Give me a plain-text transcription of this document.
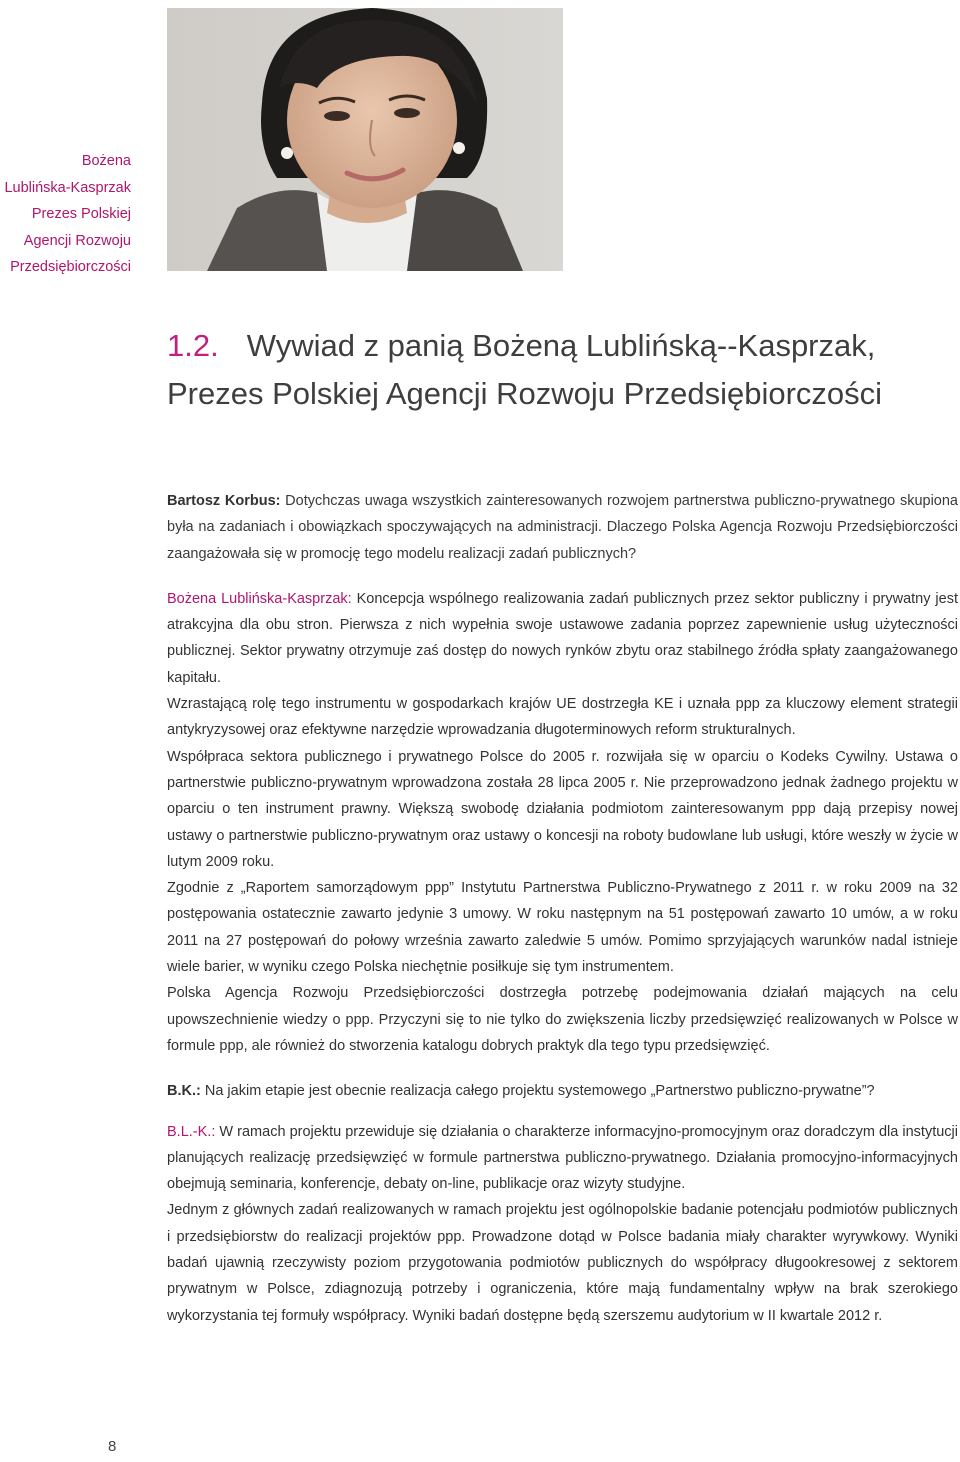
Bożena
Lublińska-Kasprzak
Prezes Polskiej
Agencji Rozwoju
Przedsiębiorczości
1.2. Wywiad z panią Bożeną Lublińską--Kasprzak, Prezes Polskiej Agencji Rozwoju Przedsiębiorczości

Bartosz Korbus: Dotychczas uwaga wszystkich zainteresowanych rozwojem partnerstwa publiczno-prywatnego skupiona była na zadaniach i obowiązkach spoczywających na administracji. Dlaczego Polska Agencja Rozwoju Przedsiębiorczości zaangażowała się w promocję tego modelu realizacji zadań publicznych?

Bożena Lublińska-Kasprzak: Koncepcja wspólnego realizowania zadań publicznych przez sektor publiczny i prywatny jest atrakcyjna dla obu stron. Pierwsza z nich wypełnia swoje ustawowe zadania poprzez zapewnienie usług użyteczności publicznej. Sektor prywatny otrzymuje zaś dostęp do nowych rynków zbytu oraz stabilnego źródła spłaty zaangażowanego kapitału.

Wzrastającą rolę tego instrumentu w gospodarkach krajów UE dostrzegła KE i uznała ppp za kluczowy element strategii antykryzysowej oraz efektywne narzędzie wprowadzania długoterminowych reform strukturalnych.

Współpraca sektora publicznego i prywatnego Polsce do 2005 r. rozwijała się w oparciu o Kodeks Cywilny. Ustawa o partnerstwie publiczno-prywatnym wprowadzona została 28 lipca 2005 r. Nie przeprowadzono jednak żadnego projektu w oparciu o ten instrument prawny. Większą swobodę działania podmiotom zainteresowanym ppp dają przepisy nowej ustawy o partnerstwie publiczno-prywatnym oraz ustawy o koncesji na roboty budowlane lub usługi, które weszły w życie w lutym 2009 roku.

Zgodnie z „Raportem samorządowym ppp” Instytutu Partnerstwa Publiczno-Prywatnego z 2011 r. w roku 2009 na 32 postępowania ostatecznie zawarto jedynie 3 umowy. W roku następnym na 51 postępowań zawarto 10 umów, a w roku 2011 na 27 postępowań do połowy września zawarto zaledwie 5 umów. Pomimo sprzyjających warunków nadal istnieje wiele barier, w wyniku czego Polska niechętnie posiłkuje się tym instrumentem.

Polska Agencja Rozwoju Przedsiębiorczości dostrzegła potrzebę podejmowania działań mających na celu upowszechnienie wiedzy o ppp. Przyczyni się to nie tylko do zwiększenia liczby przedsięwzięć realizowanych w Polsce w formule ppp, ale również do stworzenia katalogu dobrych praktyk dla tego typu przedsięwzięć.

B.K.: Na jakim etapie jest obecnie realizacja całego projektu systemowego „Partnerstwo publiczno-prywatne”?

B.L.-K.: W ramach projektu przewiduje się działania o charakterze informacyjno-promocyjnym oraz doradczym dla instytucji planujących realizację przedsięwzięć w formule partnerstwa publiczno-prywatnego. Działania promocyjno-informacyjnych obejmują seminaria, konferencje, debaty on-line, publikacje oraz wizyty studyjne.

Jednym z głównych zadań realizowanych w ramach projektu jest ogólnopolskie badanie potencjału podmiotów publicznych i przedsiębiorstw do realizacji projektów ppp. Prowadzone dotąd w Polsce badania miały charakter wyrywkowy. Wyniki badań ujawnią rzeczywisty poziom przygotowania podmiotów publicznych do współpracy długookresowej z sektorem prywatnym w Polsce, zdiagnozują potrzeby i ograniczenia, które mają fundamentalny wpływ na brak szerokiego wykorzystania tej formuły współpracy. Wyniki badań dostępne będą szerszemu audytorium w II kwartale 2012 r.

8
